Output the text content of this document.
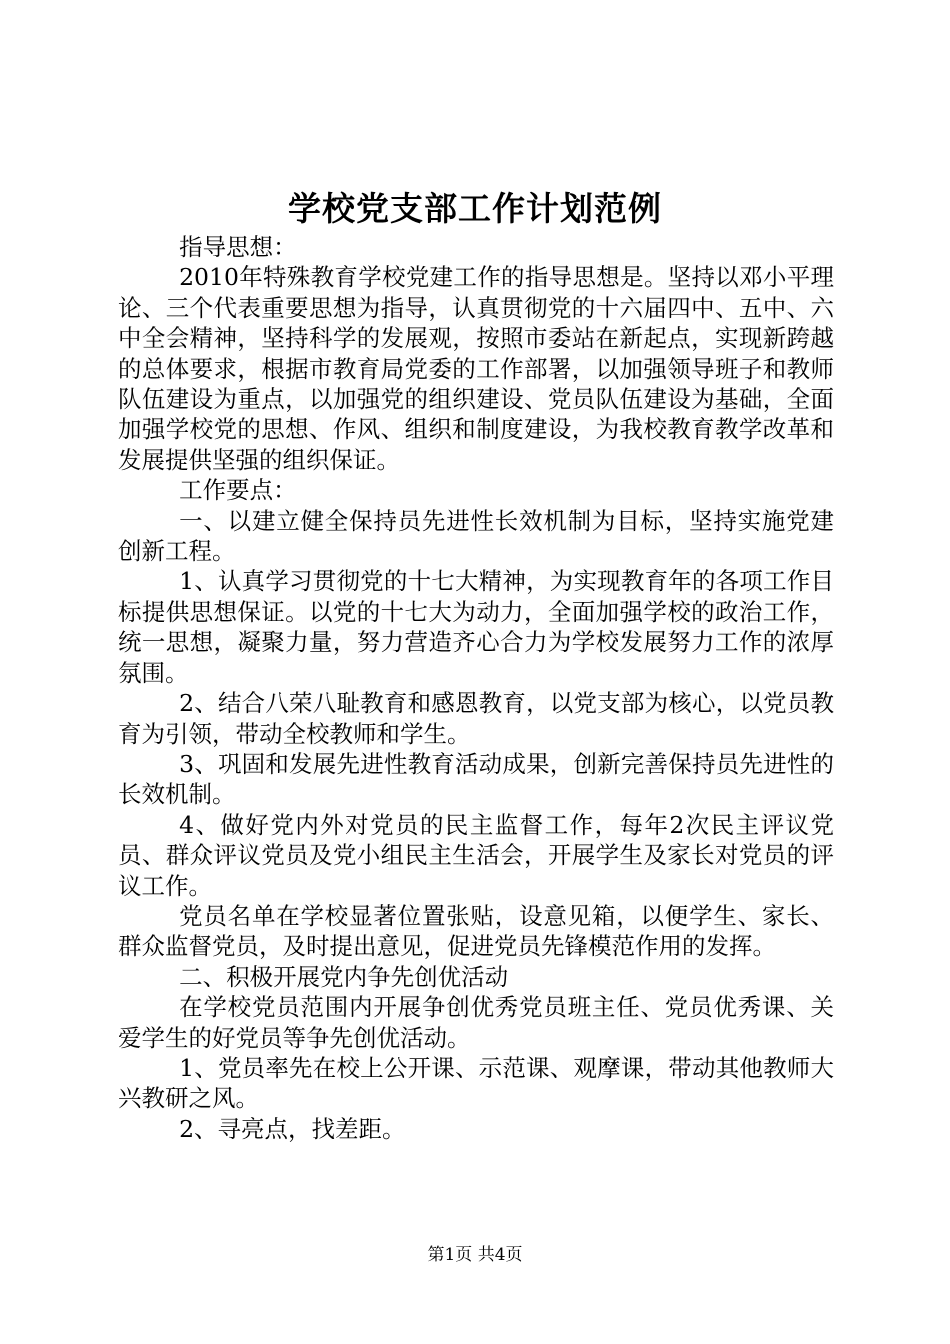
学校党支部工作计划范例

指导思想：

2010年特殊教育学校党建工作的指导思想是。坚持以邓小平理论、三个代表重要思想为指导，认真贯彻党的十六届四中、五中、六中全会精神，坚持科学的发展观，按照市委站在新起点，实现新跨越的总体要求，根据市教育局党委的工作部署，以加强领导班子和教师队伍建设为重点，以加强党的组织建设、党员队伍建设为基础，全面加强学校党的思想、作风、组织和制度建设，为我校教育教学改革和发展提供坚强的组织保证。

工作要点：

一、以建立健全保持员先进性长效机制为目标，坚持实施党建创新工程。

1、认真学习贯彻党的十七大精神，为实现教育年的各项工作目标提供思想保证。以党的十七大为动力，全面加强学校的政治工作，统一思想，凝聚力量，努力营造齐心合力为学校发展努力工作的浓厚氛围。

2、结合八荣八耻教育和感恩教育，以党支部为核心，以党员教育为引领，带动全校教师和学生。

3、巩固和发展先进性教育活动成果，创新完善保持员先进性的长效机制。

4、做好党内外对党员的民主监督工作，每年2次民主评议党员、群众评议党员及党小组民主生活会，开展学生及家长对党员的评议工作。

党员名单在学校显著位置张贴，设意见箱，以便学生、家长、群众监督党员，及时提出意见，促进党员先锋模范作用的发挥。

二、积极开展党内争先创优活动

在学校党员范围内开展争创优秀党员班主任、党员优秀课、关爱学生的好党员等争先创优活动。

1、党员率先在校上公开课、示范课、观摩课，带动其他教师大兴教研之风。

2、寻亮点，找差距。

第1页 共4页
